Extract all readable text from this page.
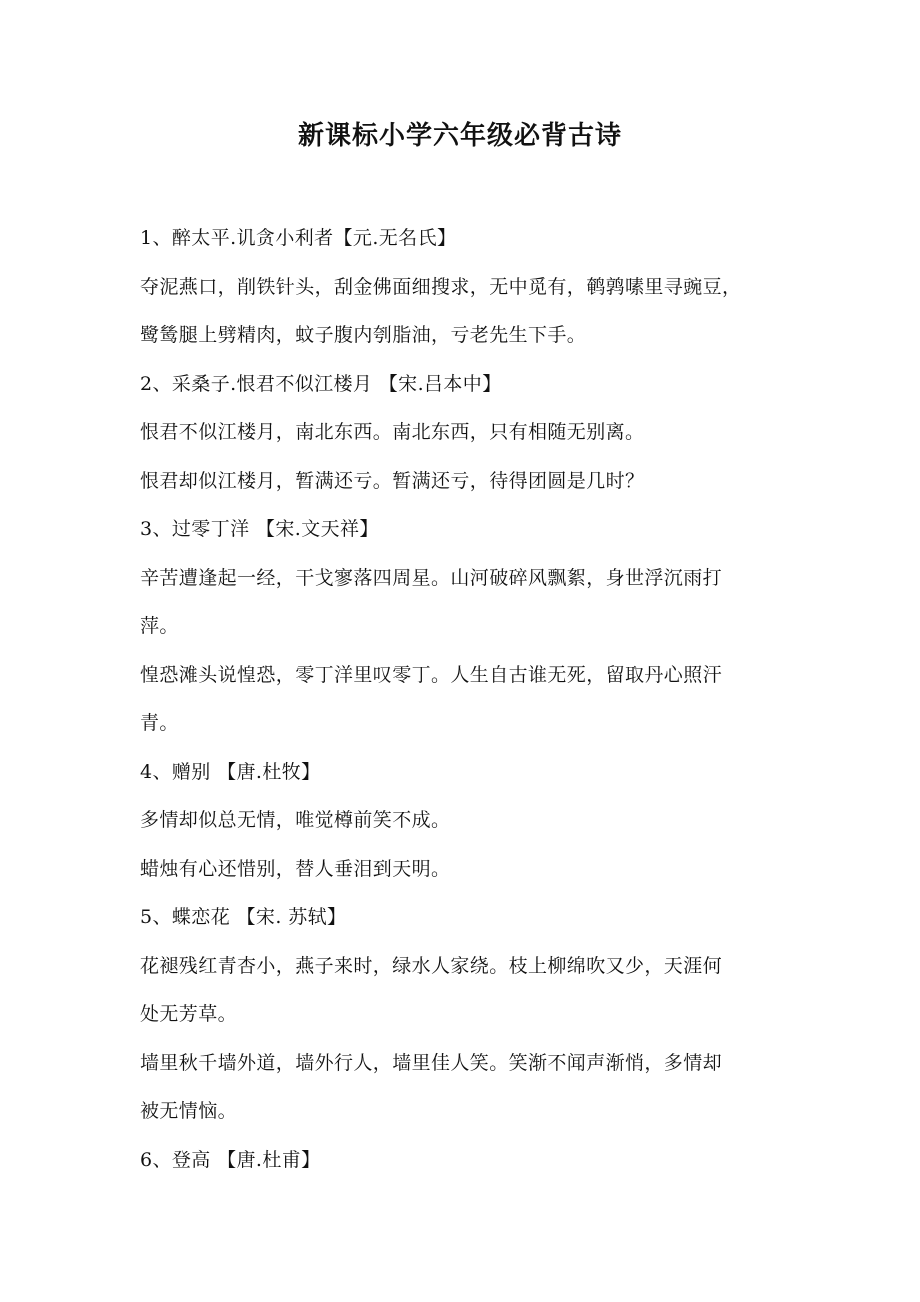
新课标小学六年级必背古诗
1、醉太平.讥贪小利者【元.无名氏】
夺泥燕口，削铁针头，刮金佛面细搜求，无中觅有，鹌鹑嗉里寻豌豆，
鹭鸶腿上劈精肉，蚊子腹内刳脂油，亏老先生下手。
2、采桑子.恨君不似江楼月 【宋.吕本中】
恨君不似江楼月，南北东西。南北东西，只有相随无别离。
恨君却似江楼月，暂满还亏。暂满还亏，待得团圆是几时？
3、过零丁洋 【宋.文天祥】
辛苦遭逢起一经，干戈寥落四周星。山河破碎风飘絮，身世浮沉雨打
萍。
惶恐滩头说惶恐，零丁洋里叹零丁。人生自古谁无死，留取丹心照汗
青。
4、赠别 【唐.杜牧】
多情却似总无情，唯觉樽前笑不成。
蜡烛有心还惜别，替人垂泪到天明。
5、蝶恋花 【宋. 苏轼】
花褪残红青杏小，燕子来时，绿水人家绕。枝上柳绵吹又少，天涯何
处无芳草。
墙里秋千墙外道，墙外行人，墙里佳人笑。笑渐不闻声渐悄，多情却
被无情恼。
6、登高 【唐.杜甫】
